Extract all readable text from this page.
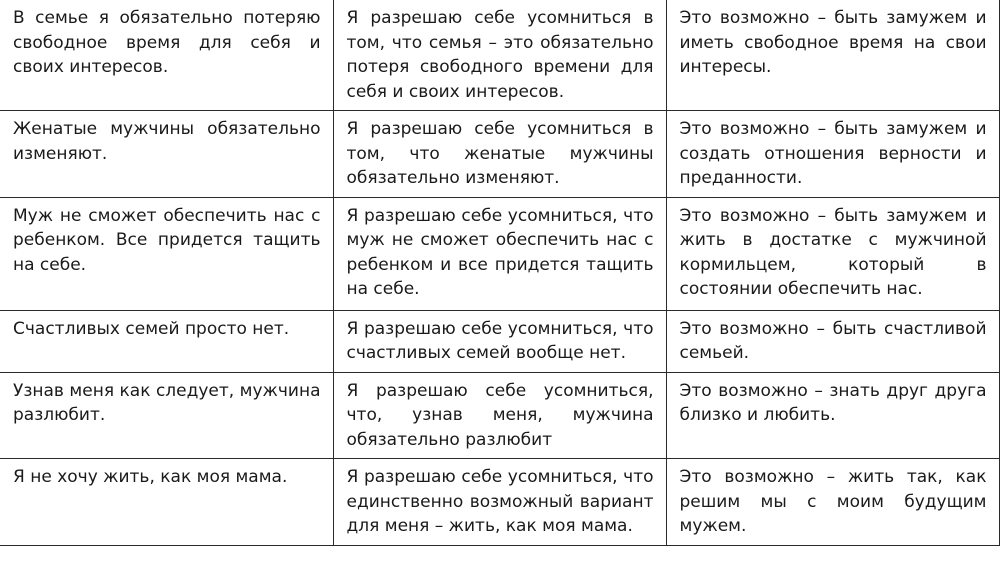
В семье я обязательно потеряю свободное время для себя и своих интересов.	Я разрешаю себе усомниться в том, что семья – это обязательно потеря свободного времени для себя и своих интересов.	Это возможно – быть замужем и иметь свободное время на свои интересы.
Женатые мужчины обязательно изменяют.	Я разрешаю себе усомниться в том, что женатые мужчины обязательно изменяют.	Это возможно – быть замужем и создать отношения верности и преданности.
Муж не сможет обеспечить нас с ребенком. Все придется тащить на себе.	Я разрешаю себе усомниться, что муж не сможет обеспечить нас с ребенком и все придется тащить на себе.	Это возможно – быть замужем и жить в достатке с мужчиной кормильцем, который в состоянии обеспечить нас.
Счастливых семей просто нет.	Я разрешаю себе усомниться, что счастливых семей вообще нет.	Это возможно – быть счастливой семьей.
Узнав меня как следует, мужчина разлюбит.	Я разрешаю себе усомниться, что, узнав меня, мужчина обязательно разлюбит	Это возможно – знать друг друга близко и любить.
Я не хочу жить, как моя мама.	Я разрешаю себе усомниться, что единственно возможный вариант для меня – жить, как моя мама.	Это возможно – жить так, как решим мы с моим будущим мужем.
